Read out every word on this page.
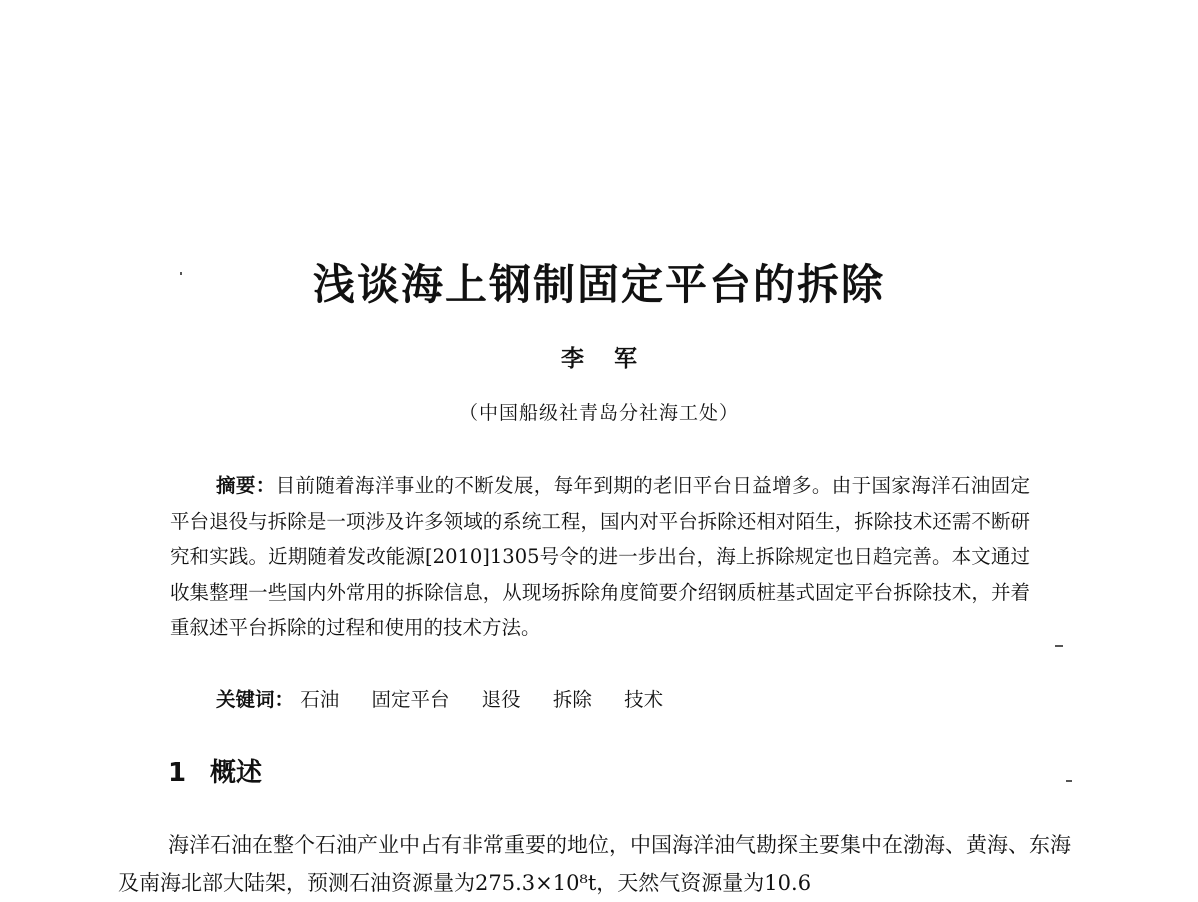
浅谈海上钢制固定平台的拆除
李军
（中国船级社青岛分社海工处）

摘要：目前随着海洋事业的不断发展，每年到期的老旧平台日益增多。由于国家海洋石油固定平台退役与拆除是一项涉及许多领域的系统工程，国内对平台拆除还相对陌生，拆除技术还需不断研究和实践。近期随着发改能源[2010]1305号令的进一步出台，海上拆除规定也日趋完善。本文通过收集整理一些国内外常用的拆除信息，从现场拆除角度简要介绍钢质桩基式固定平台拆除技术，并着重叙述平台拆除的过程和使用的技术方法。

关键词： 石油 固定平台 退役 拆除 技术
1 概述

海洋石油在整个石油产业中占有非常重要的地位，中国海洋油气勘探主要集中在渤海、黄海、东海及南海北部大陆架，预测石油资源量为275.3×10⁸t，天然气资源量为10.6
